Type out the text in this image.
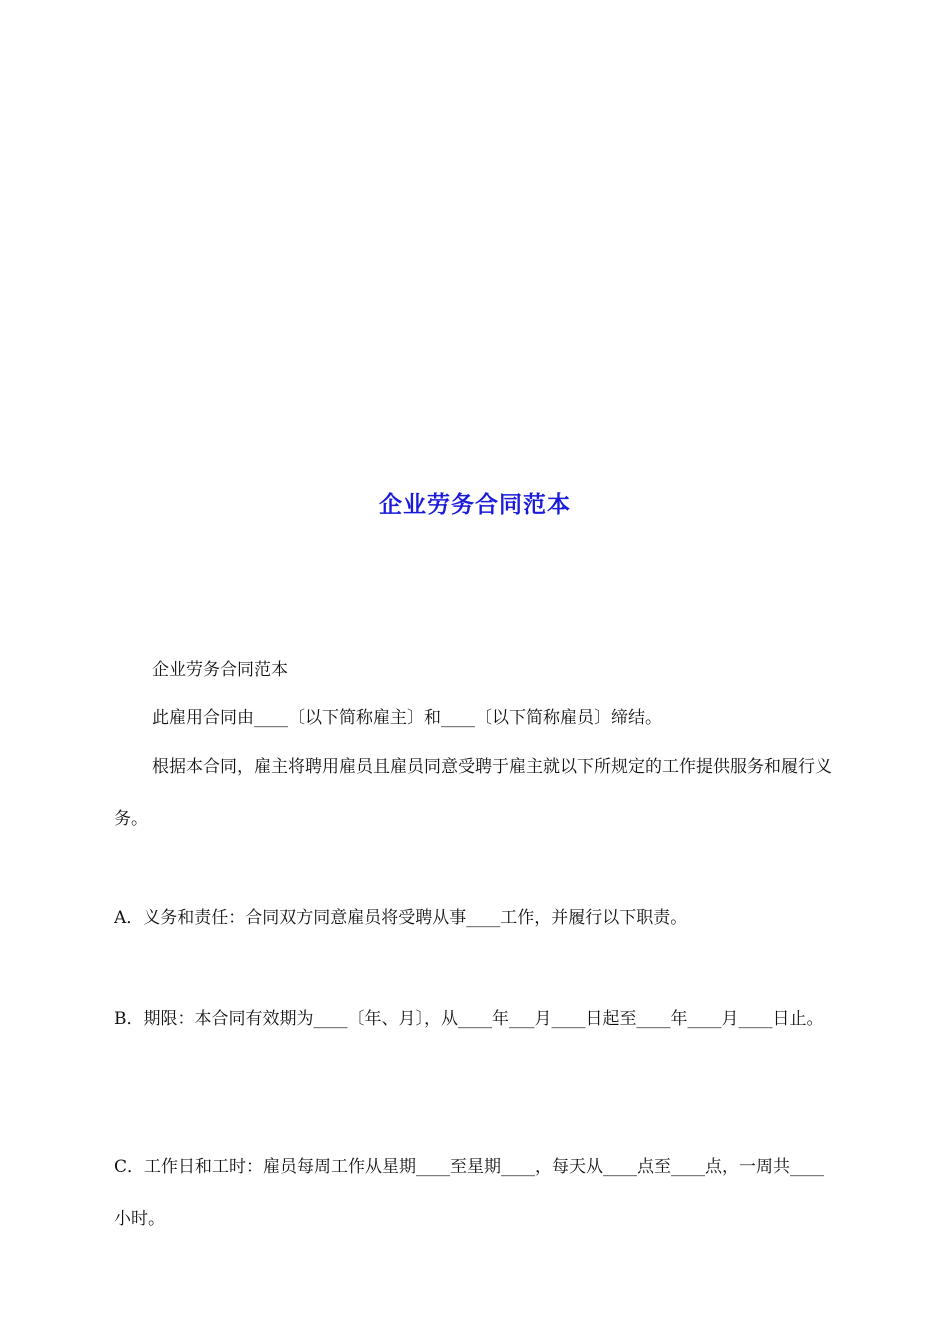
企业劳务合同范本

企业劳务合同范本

此雇用合同由____〔以下简称雇主〕和____〔以下简称雇员〕缔结。

根据本合同，雇主将聘用雇员且雇员同意受聘于雇主就以下所规定的工作提供服务和履行义务。

A．义务和责任：合同双方同意雇员将受聘从事____工作，并履行以下职责。

B．期限：本合同有效期为____〔年、月〕，从____年___月____日起至____年____月____日止。

C．工作日和工时：雇员每周工作从星期____至星期____，每天从____点至____点，一周共____小时。
